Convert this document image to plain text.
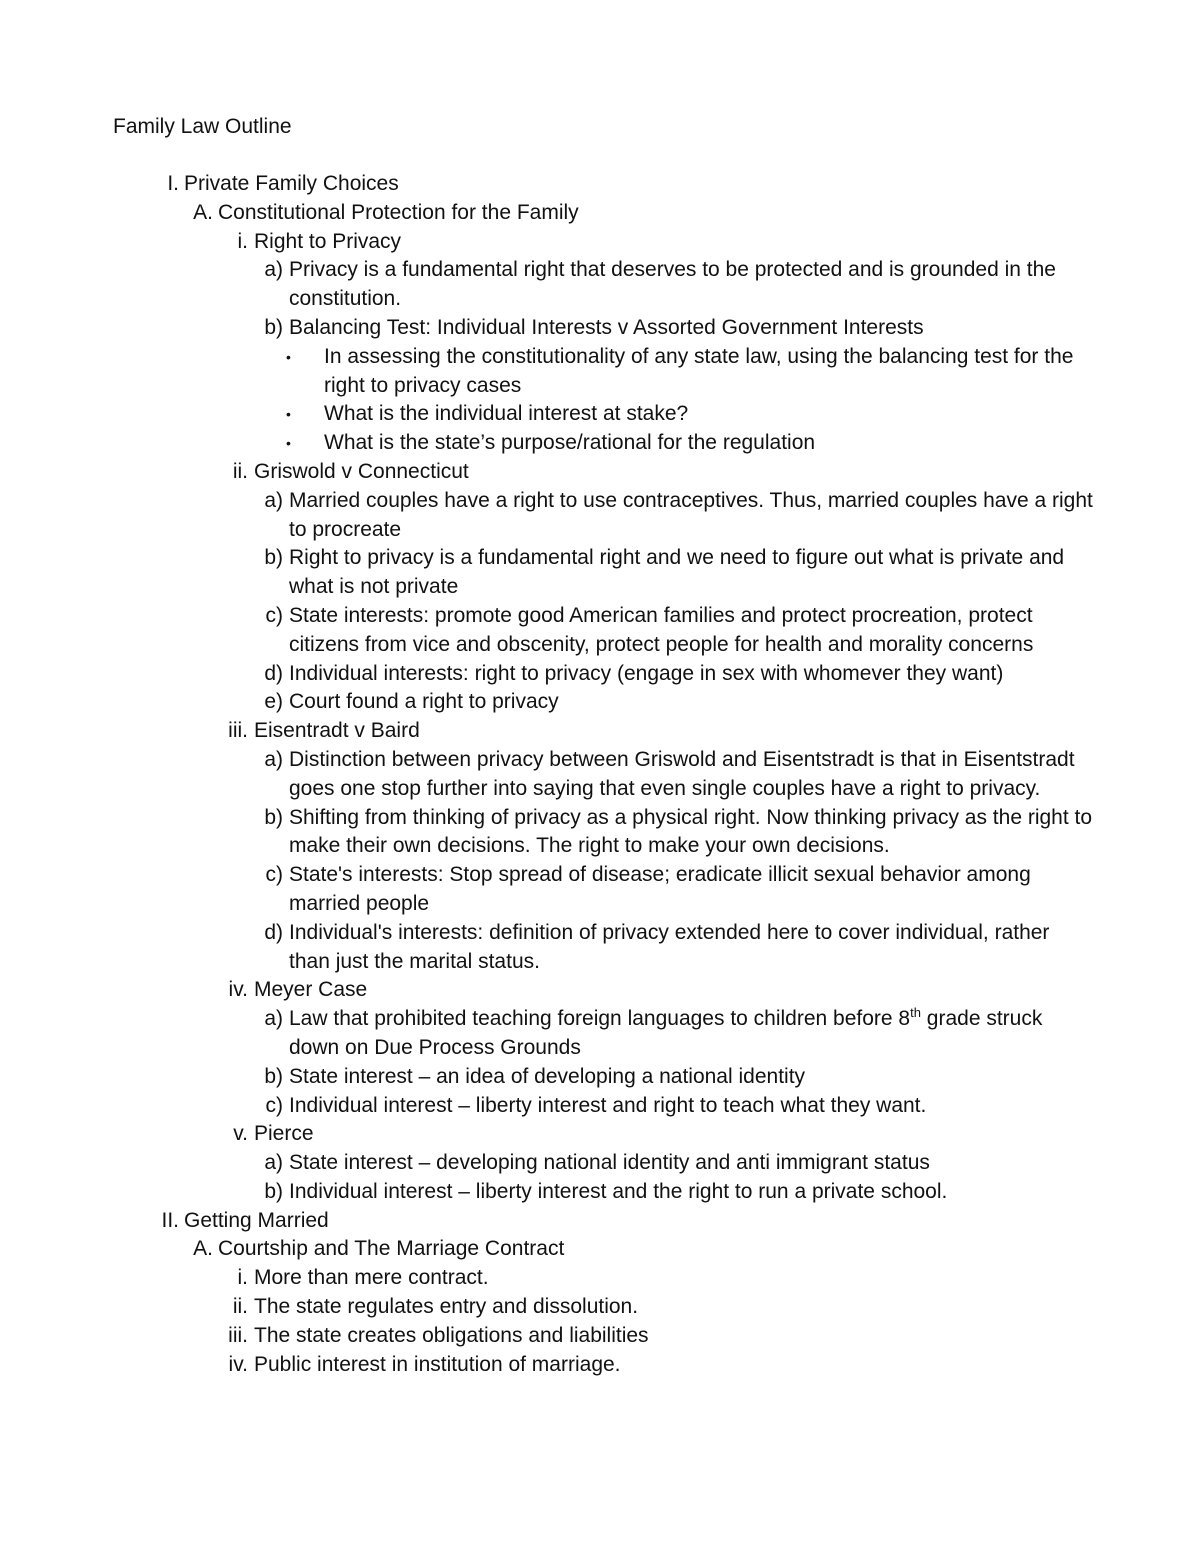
Family Law Outline
I. Private Family Choices
A. Constitutional Protection for the Family
i. Right to Privacy
a) Privacy is a fundamental right that deserves to be protected and is grounded in the constitution.
b) Balancing Test: Individual Interests v Assorted Government Interests
• In assessing the constitutionality of any state law, using the balancing test for the right to privacy cases
• What is the individual interest at stake?
• What is the state’s purpose/rational for the regulation
ii. Griswold v Connecticut
a) Married couples have a right to use contraceptives. Thus, married couples have a right to procreate
b) Right to privacy is a fundamental right and we need to figure out what is private and what is not private
c) State interests: promote good American families and protect procreation, protect citizens from vice and obscenity, protect people for health and morality concerns
d) Individual interests: right to privacy (engage in sex with whomever they want)
e) Court found a right to privacy
iii. Eisentradt v Baird
a) Distinction between privacy between Griswold and Eisentstradt is that in Eisentstradt goes one stop further into saying that even single couples have a right to privacy.
b) Shifting from thinking of privacy as a physical right. Now thinking privacy as the right to make their own decisions. The right to make your own decisions.
c) State's interests: Stop spread of disease; eradicate illicit sexual behavior among married people
d) Individual's interests: definition of privacy extended here to cover individual, rather than just the marital status.
iv. Meyer Case
a) Law that prohibited teaching foreign languages to children before 8th grade struck down on Due Process Grounds
b) State interest – an idea of developing a national identity
c) Individual interest – liberty interest and right to teach what they want.
v. Pierce
a) State interest – developing national identity and anti immigrant status
b) Individual interest – liberty interest and the right to run a private school.
II. Getting Married
A. Courtship and The Marriage Contract
i. More than mere contract.
ii. The state regulates entry and dissolution.
iii. The state creates obligations and liabilities
iv. Public interest in institution of marriage.
